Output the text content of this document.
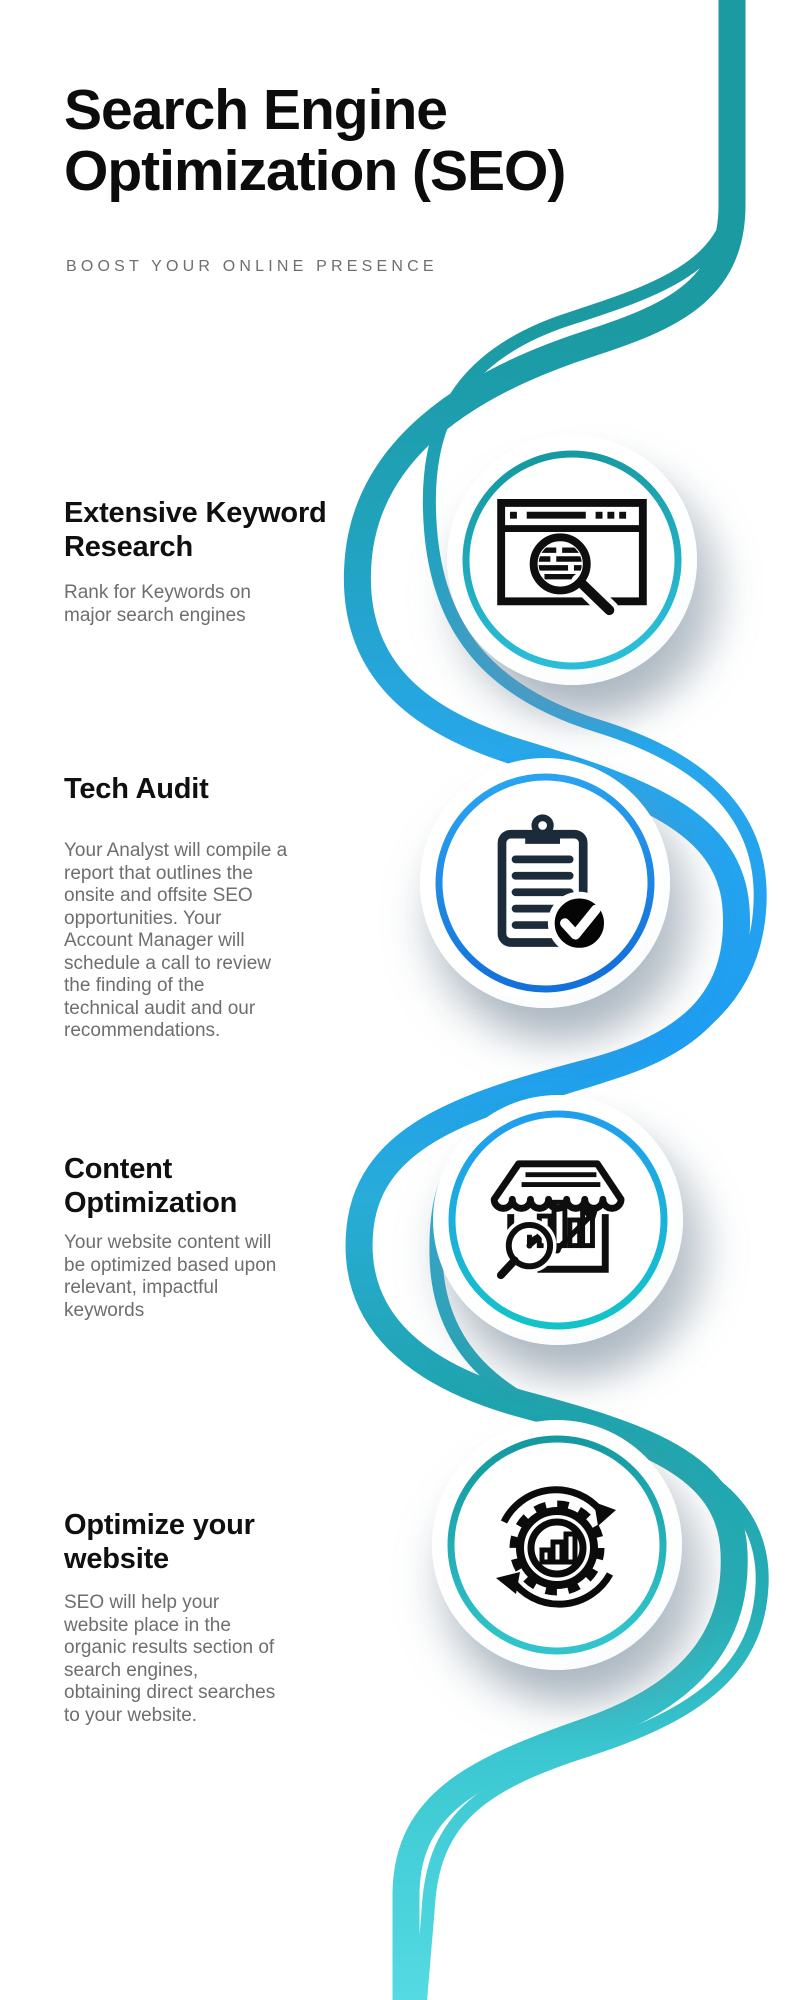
Search Engine
Optimization (SEO)
BOOST YOUR ONLINE PRESENCE
Extensive Keyword
Research
Rank for Keywords on
major search engines
Tech Audit
Your Analyst will compile a
report that outlines the
onsite and offsite SEO
opportunities. Your
Account Manager will
schedule a call to review
the finding of the
technical audit and our
recommendations.
Content
Optimization
Your website content will
be optimized based upon
relevant, impactful
keywords
Optimize your
website
SEO will help your
website place in the
organic results section of
search engines,
obtaining direct searches
to your website.
